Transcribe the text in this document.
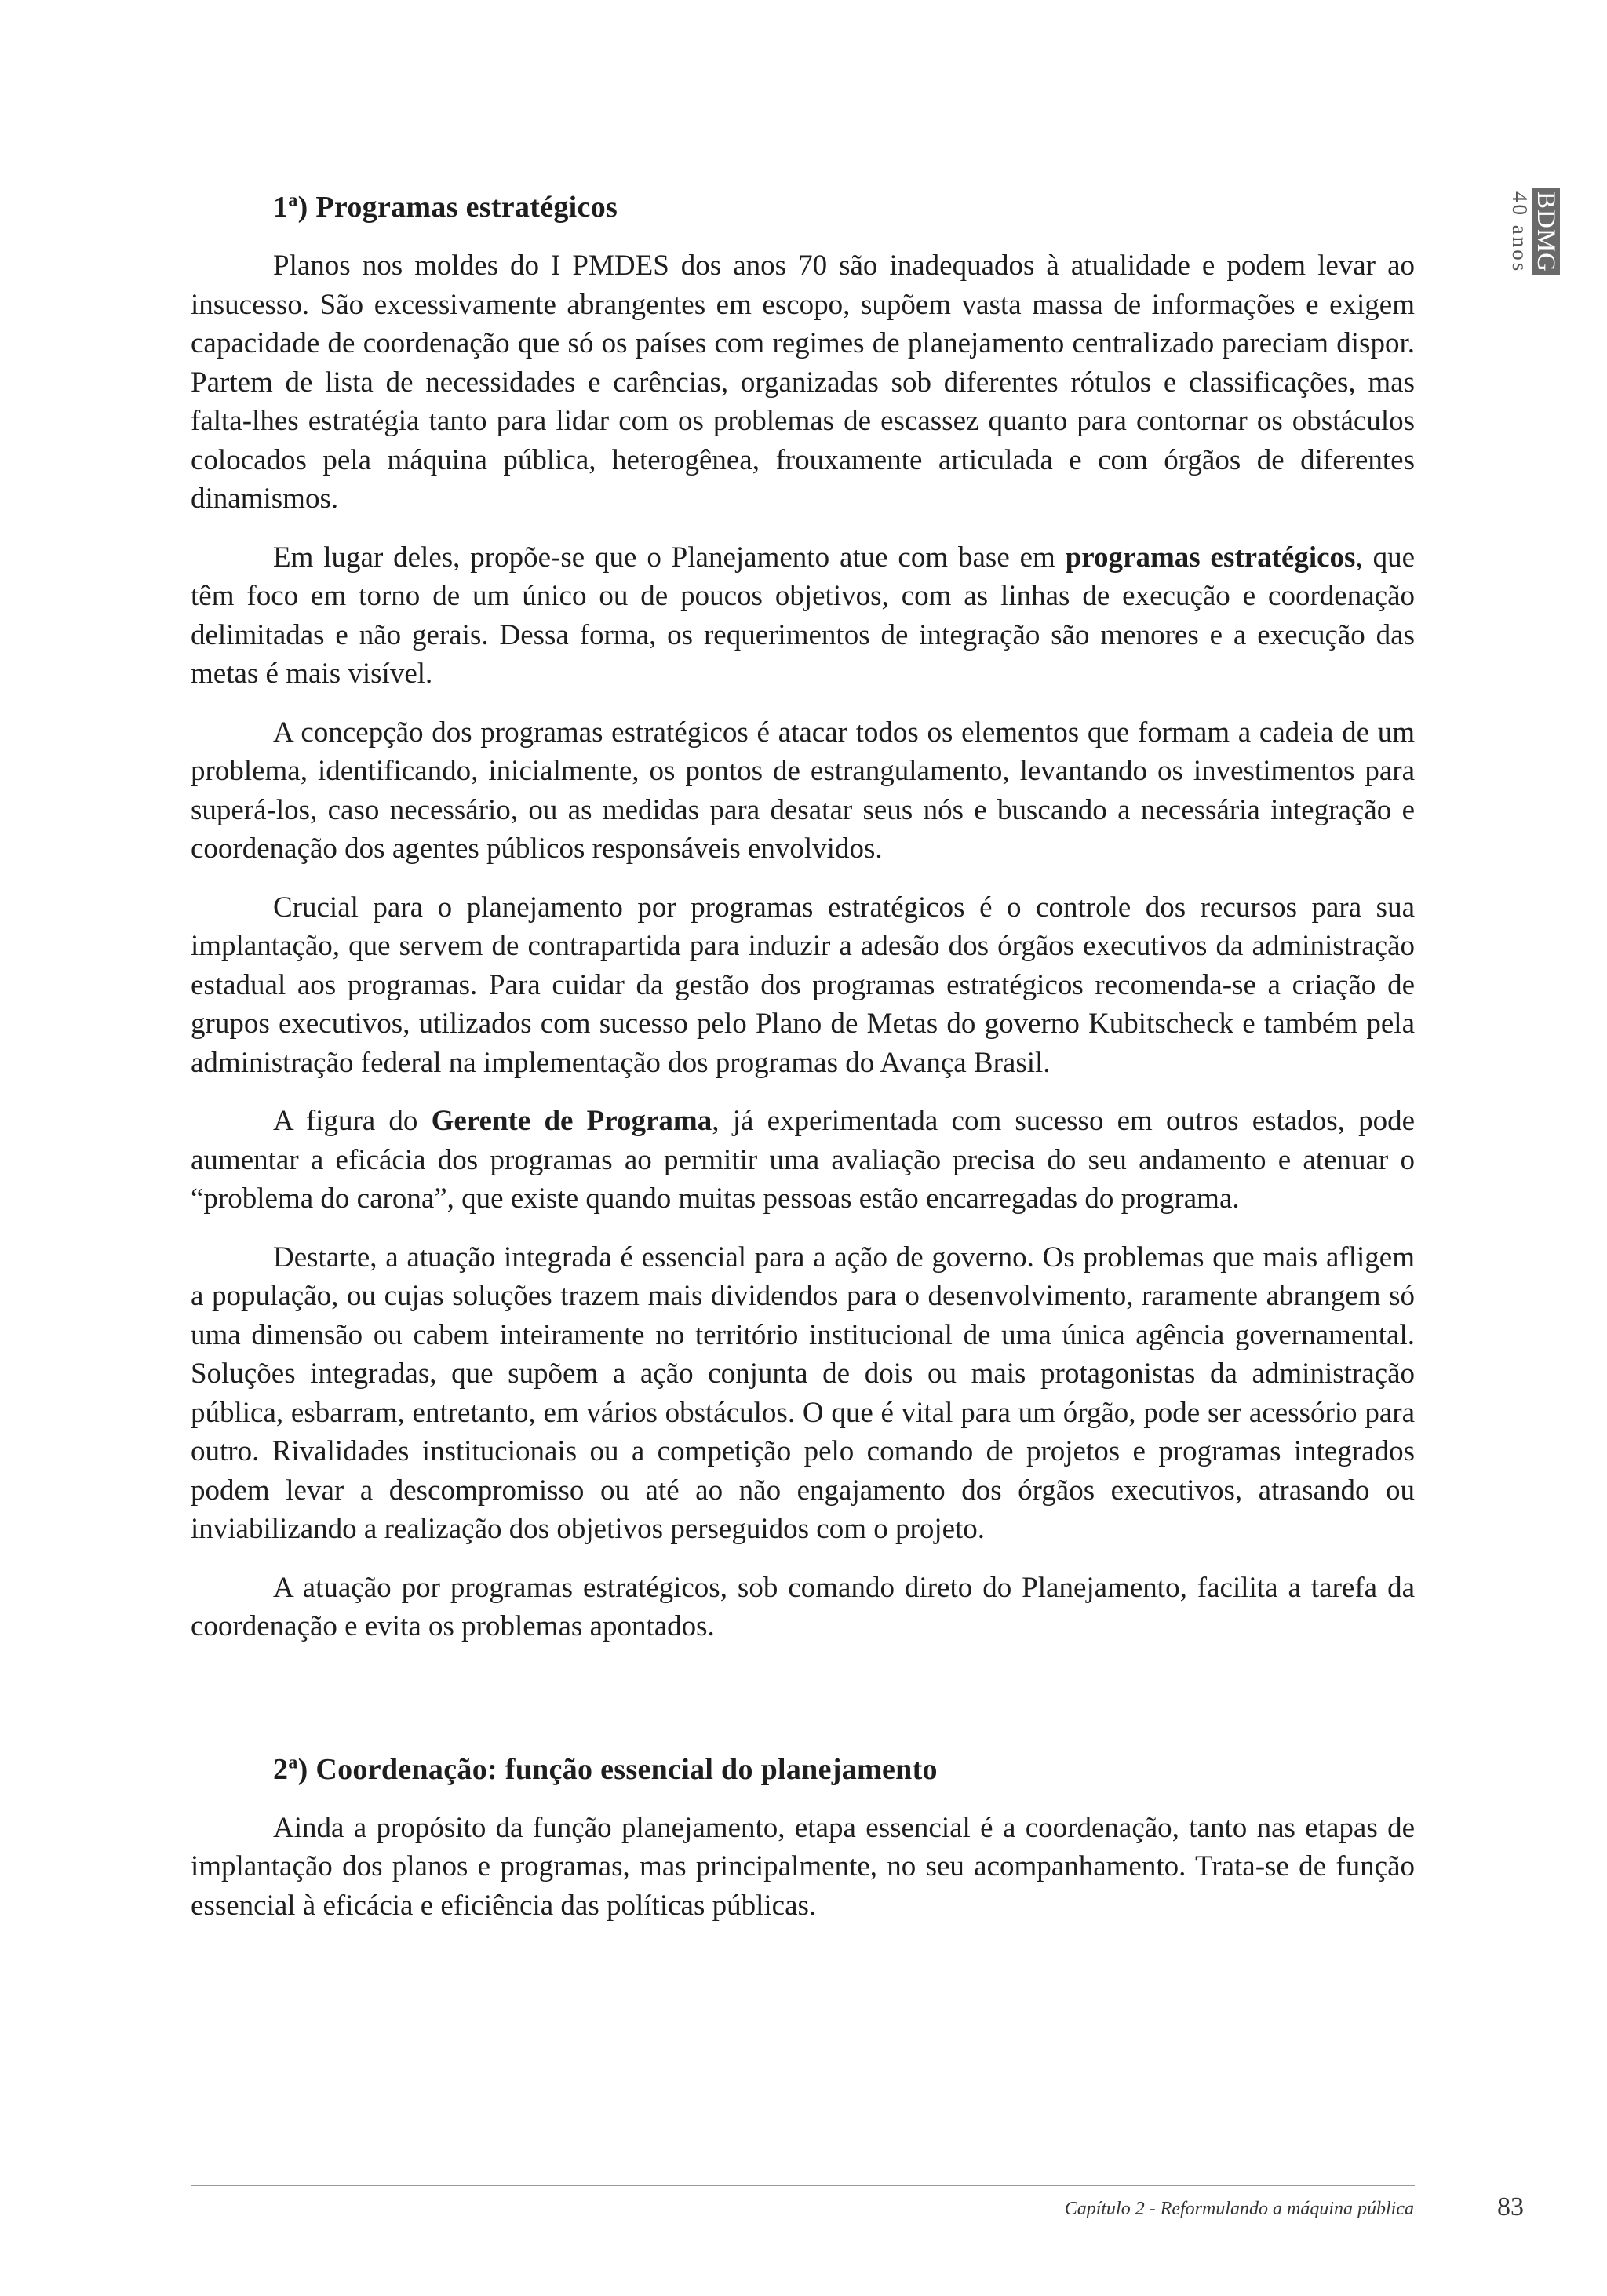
BDMG
40 anos
1$^a$) Programas estratégicos

Planos nos moldes do I PMDES dos anos 70 são inadequados à atualidade e podem levar ao insucesso. São excessivamente abrangentes em escopo, supõem vasta massa de informações e exigem capacidade de coordenação que só os países com regimes de planejamento centralizado pareciam dispor. Partem de lista de necessidades e carências, organizadas sob diferentes rótulos e classificações, mas falta-lhes estratégia tanto para lidar com os problemas de escassez quanto para contornar os obstáculos colocados pela máquina pública, heterogênea, frouxamente articulada e com órgãos de diferentes dinamismos.

Em lugar deles, propõe-se que o Planejamento atue com base em programas estratégicos, que têm foco em torno de um único ou de poucos objetivos, com as linhas de execução e coordenação delimitadas e não gerais. Dessa forma, os requerimentos de integração são menores e a execução das metas é mais visível.

A concepção dos programas estratégicos é atacar todos os elementos que formam a cadeia de um problema, identificando, inicialmente, os pontos de estrangulamento, levantando os investimentos para superá-los, caso necessário, ou as medidas para desatar seus nós e buscando a necessária integração e coordenação dos agentes públicos responsáveis envolvidos.

Crucial para o planejamento por programas estratégicos é o controle dos recursos para sua implantação, que servem de contrapartida para induzir a adesão dos órgãos executivos da administração estadual aos programas. Para cuidar da gestão dos programas estratégicos recomenda-se a criação de grupos executivos, utilizados com sucesso pelo Plano de Metas do governo Kubitscheck e também pela administração federal na implementação dos programas do Avança Brasil.

A figura do Gerente de Programa, já experimentada com sucesso em outros estados, pode aumentar a eficácia dos programas ao permitir uma avaliação precisa do seu andamento e atenuar o “problema do carona”, que existe quando muitas pessoas estão encarregadas do programa.

Destarte, a atuação integrada é essencial para a ação de governo. Os problemas que mais afligem a população, ou cujas soluções trazem mais dividendos para o desenvolvimento, raramente abrangem só uma dimensão ou cabem inteiramente no território institucional de uma única agência governamental. Soluções integradas, que supõem a ação conjunta de dois ou mais protagonistas da administração pública, esbarram, entretanto, em vários obstáculos. O que é vital para um órgão, pode ser acessório para outro. Rivalidades institucionais ou a competição pelo comando de projetos e programas integrados podem levar a descompromisso ou até ao não engajamento dos órgãos executivos, atrasando ou inviabilizando a realização dos objetivos perseguidos com o projeto.

A atuação por programas estratégicos, sob comando direto do Planejamento, facilita a tarefa da coordenação e evita os problemas apontados.

2$^a$) Coordenação: função essencial do planejamento

Ainda a propósito da função planejamento, etapa essencial é a coordenação, tanto nas etapas de implantação dos planos e programas, mas principalmente, no seu acompanhamento. Trata-se de função essencial à eficácia e eficiência das políticas públicas.

Capítulo 2 - Reformulando a máquina pública	83
